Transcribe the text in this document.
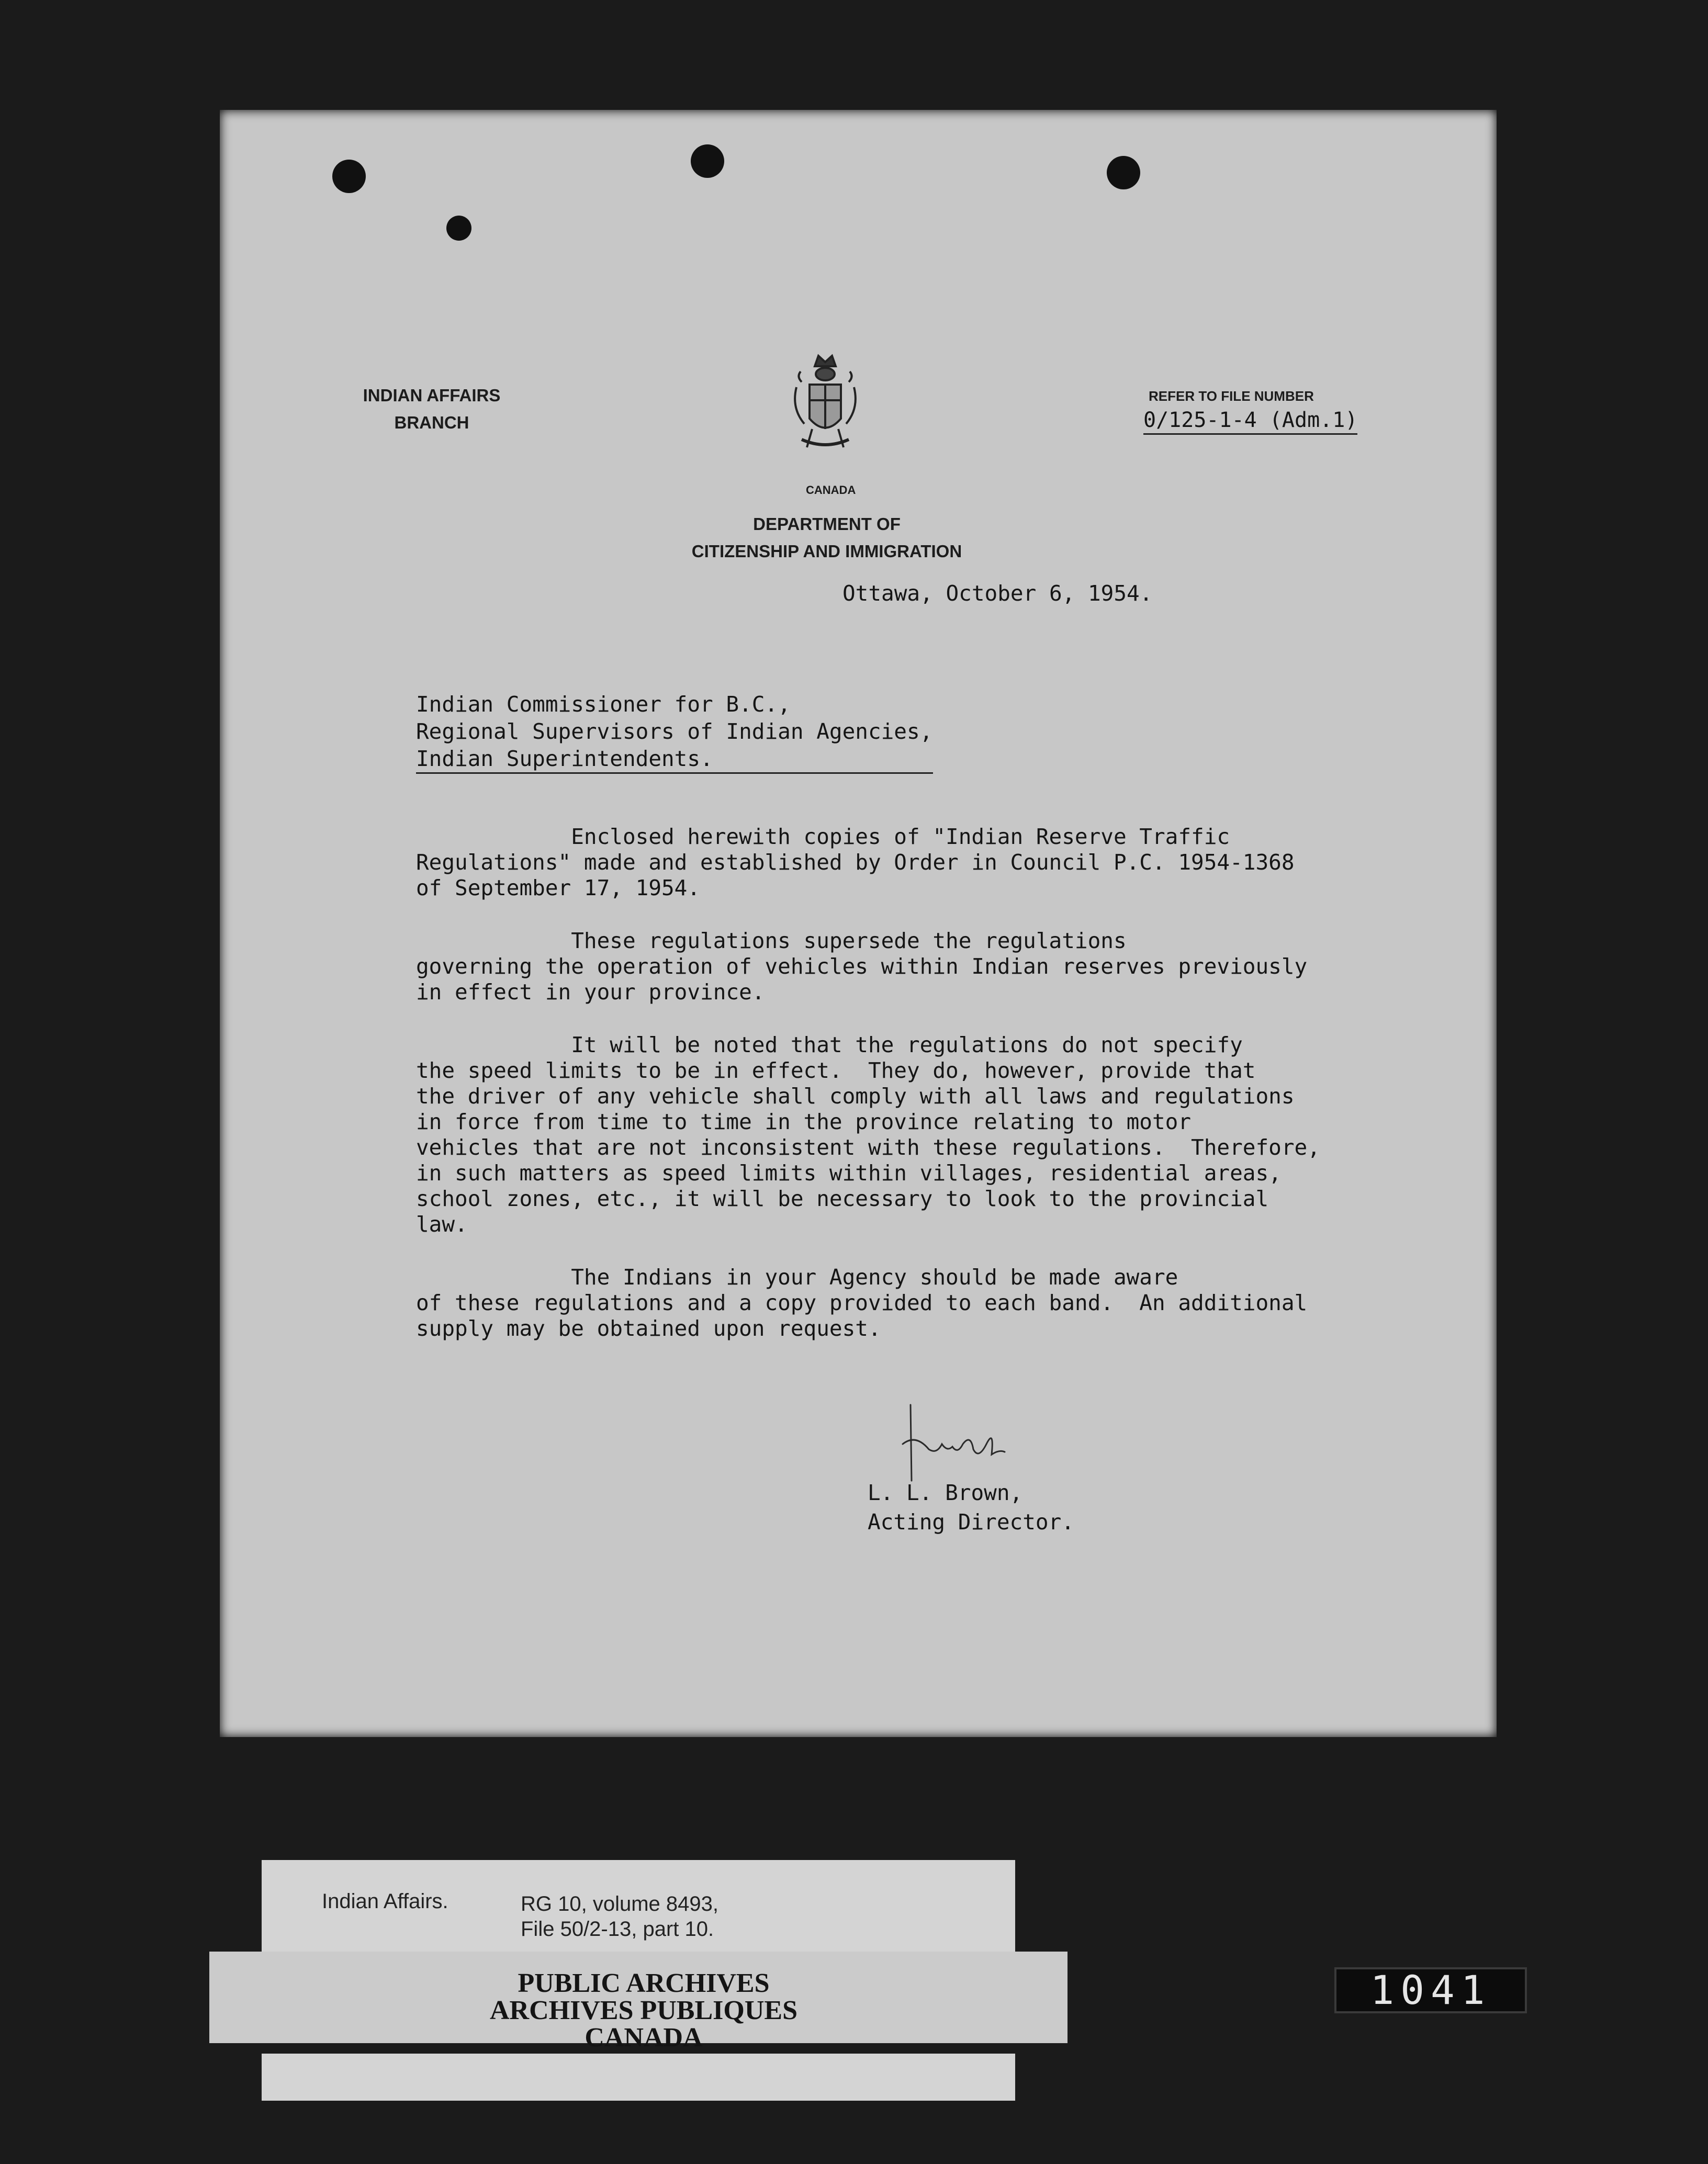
INDIAN AFFAIRS
BRANCH
CANADA
DEPARTMENT OF
CITIZENSHIP AND IMMIGRATION
REFER TO FILE NUMBER
0/125-1-4 (Adm.1)
Ottawa, October 6, 1954.
Indian Commissioner for B.C.,
Regional Supervisors of Indian Agencies,
Indian Superintendents.
Enclosed herewith copies of "Indian Reserve Traffic
Regulations" made and established by Order in Council P.C. 1954-1368
of September 17, 1954.
These regulations supersede the regulations
governing the operation of vehicles within Indian reserves previously
in effect in your province.
It will be noted that the regulations do not specify
the speed limits to be in effect.  They do, however, provide that
the driver of any vehicle shall comply with all laws and regulations
in force from time to time in the province relating to motor
vehicles that are not inconsistent with these regulations.  Therefore,
in such matters as speed limits within villages, residential areas,
school zones, etc., it will be necessary to look to the provincial
law.
The Indians in your Agency should be made aware
of these regulations and a copy provided to each band.  An additional
supply may be obtained upon request.
L. L. Brown,
Acting Director.
Indian Affairs.	RG 10, volume 8493,
File 50/2-13, part 10.
PUBLIC ARCHIVES
ARCHIVES PUBLIQUES
CANADA
1041
